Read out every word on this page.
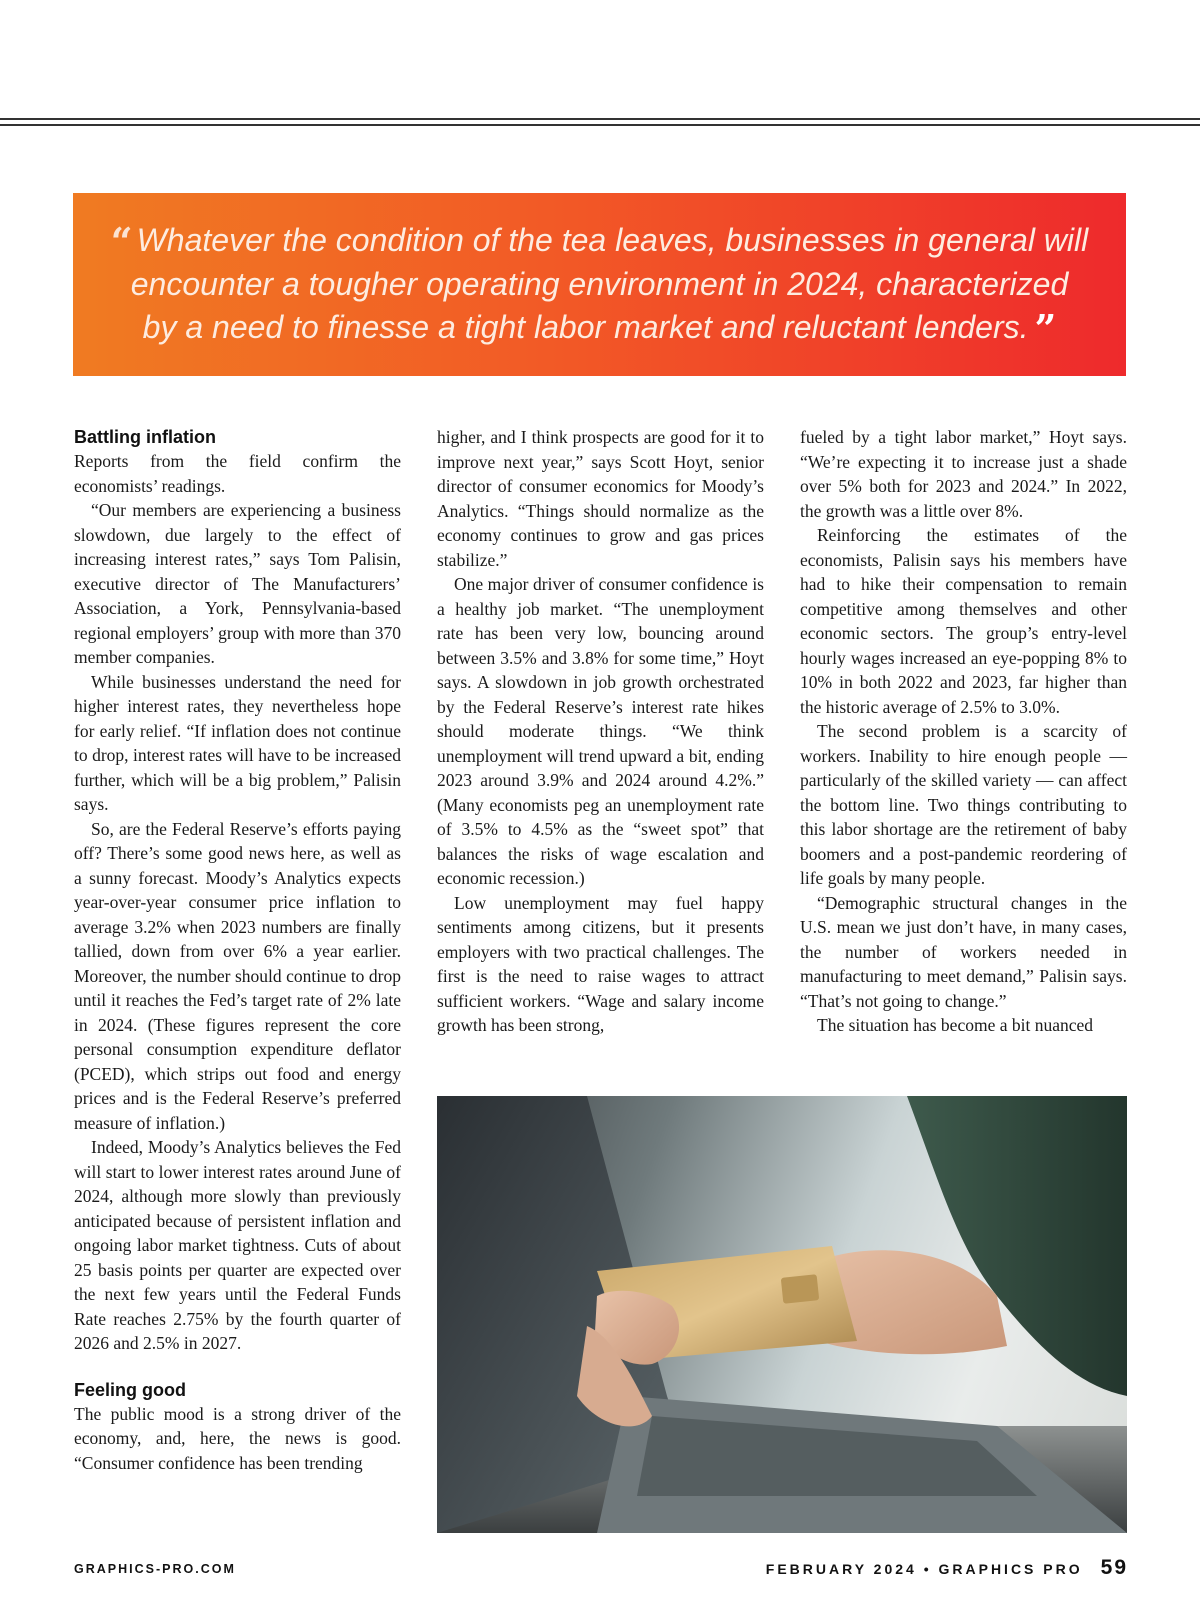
“ Whatever the condition of the tea leaves, businesses in general will
encounter a tougher operating environment in 2024, characterized
by a need to finesse a tight labor market and reluctant lenders. ”
Battling inflation

Reports from the field confirm the economists’ readings.

“Our members are experiencing a business slowdown, due largely to the effect of increasing interest rates,” says Tom Palisin, executive director of The Manufacturers’ Association, a York, Pennsylvania-based regional employers’ group with more than 370 member companies.

While businesses understand the need for higher interest rates, they nevertheless hope for early relief. “If inflation does not continue to drop, interest rates will have to be increased further, which will be a big problem,” Palisin says.

So, are the Federal Reserve’s efforts paying off? There’s some good news here, as well as a sunny forecast. Moody’s Analytics expects year-over-year consumer price inflation to average 3.2% when 2023 numbers are finally tallied, down from over 6% a year earlier. Moreover, the number should continue to drop until it reaches the Fed’s target rate of 2% late in 2024. (These figures represent the core personal consumption expenditure deflator (PCED), which strips out food and energy prices and is the Federal Reserve’s preferred measure of inflation.)

Indeed, Moody’s Analytics believes the Fed will start to lower interest rates around June of 2024, although more slowly than previously anticipated because of persistent inflation and ongoing labor market tightness. Cuts of about 25 basis points per quarter are expected over the next few years until the Federal Funds Rate reaches 2.75% by the fourth quarter of 2026 and 2.5% in 2027.

Feeling good

The public mood is a strong driver of the economy, and, here, the news is good. “Consumer confidence has been trending

higher, and I think prospects are good for it to improve next year,” says Scott Hoyt, senior director of consumer economics for Moody’s Analytics. “Things should normalize as the economy continues to grow and gas prices stabilize.”

One major driver of consumer confidence is a healthy job market. “The unemployment rate has been very low, bouncing around between 3.5% and 3.8% for some time,” Hoyt says. A slowdown in job growth orchestrated by the Federal Reserve’s interest rate hikes should moderate things. “We think unemployment will trend upward a bit, ending 2023 around 3.9% and 2024 around 4.2%.” (Many economists peg an unemployment rate of 3.5% to 4.5% as the “sweet spot” that balances the risks of wage escalation and economic recession.)

Low unemployment may fuel happy sentiments among citizens, but it presents employers with two practical challenges. The first is the need to raise wages to attract sufficient workers. “Wage and salary income growth has been strong,

fueled by a tight labor market,” Hoyt says. “We’re expecting it to increase just a shade over 5% both for 2023 and 2024.” In 2022, the growth was a little over 8%.

Reinforcing the estimates of the economists, Palisin says his members have had to hike their compensation to remain competitive among themselves and other economic sectors. The group’s entry-level hourly wages increased an eye-popping 8% to 10% in both 2022 and 2023, far higher than the historic average of 2.5% to 3.0%.

The second problem is a scarcity of workers. Inability to hire enough people — particularly of the skilled variety — can affect the bottom line. Two things contributing to this labor shortage are the retirement of baby boomers and a post-pandemic reordering of life goals by many people.

“Demographic structural changes in the U.S. mean we just don’t have, in many cases, the number of workers needed in manufacturing to meet demand,” Palisin says. “That’s not going to change.”

The situation has become a bit nuanced

GRAPHICS-PRO.COM	FEBRUARY 2024 • GRAPHICS PRO 59
